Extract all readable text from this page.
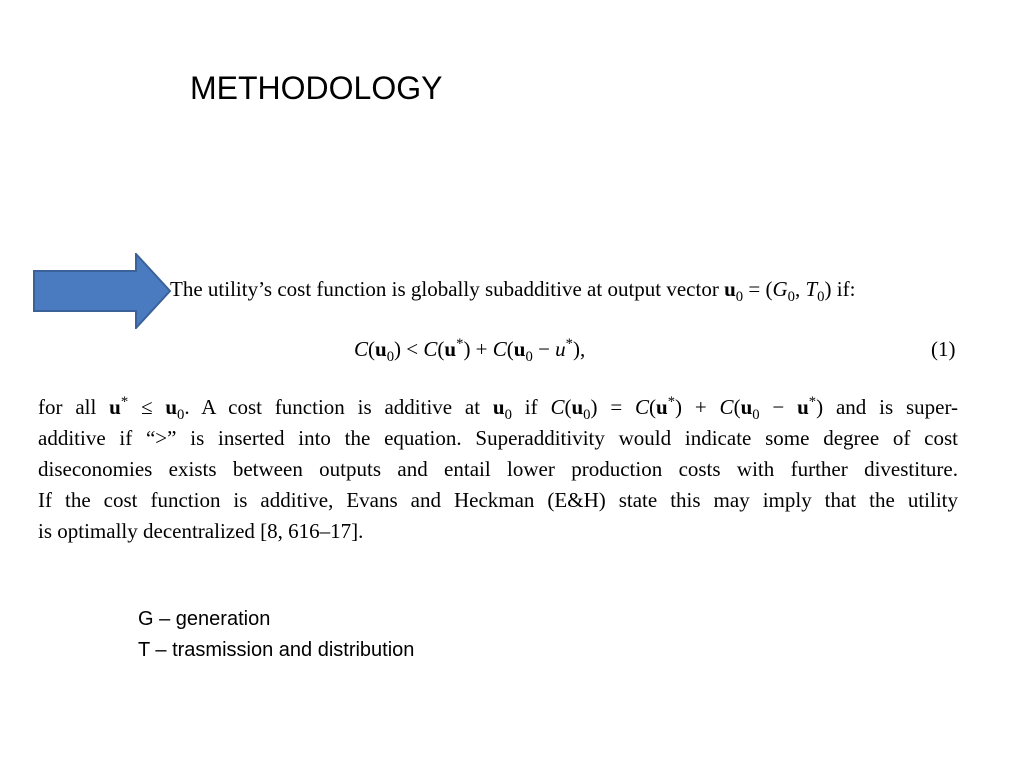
METHODOLOGY
The utility’s cost function is globally subadditive at output vector $u_0 = (G_0$, $T_0$) if:
$C(u_0) < C(u^*) + C(u_0 - u^*)$,	(1)
for all $u^* \le u_0$. A cost function is additive at $u_0$ if $C(u_0) = C(u^*) + C(u_0 - u^*)$ and is super-
additive if “>” is inserted into the equation. Superadditivity would indicate some degree of cost
diseconomies exists between outputs and entail lower production costs with further divestiture.
If the cost function is additive, Evans and Heckman (E&H) state this may imply that the utility
is optimally decentralized [8, 616–17].
G – generation
T – trasmission and distribution
